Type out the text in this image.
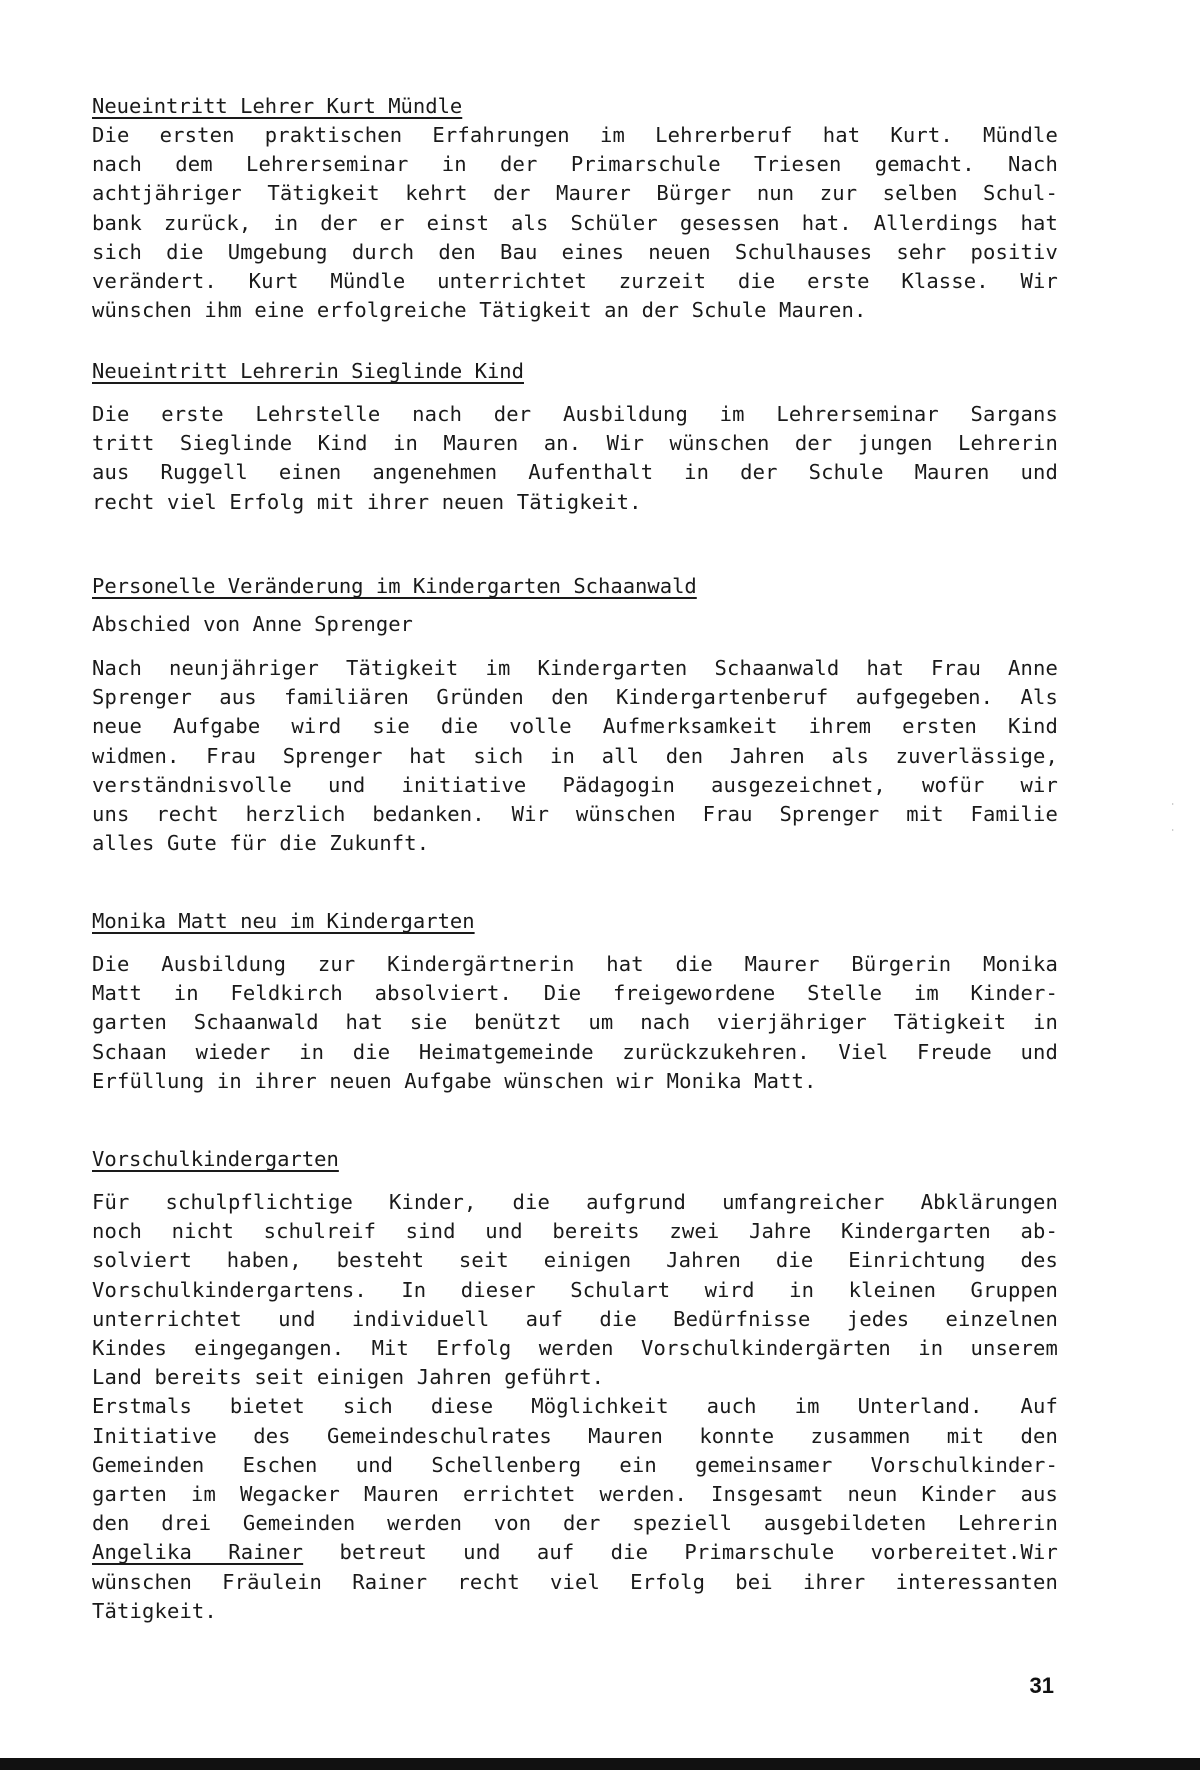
Neueintritt Lehrer Kurt Mündle
Die ersten praktischen Erfahrungen im Lehrerberuf hat Kurt. Mündle
nach dem Lehrerseminar in der Primarschule Triesen gemacht. Nach
achtjähriger Tätigkeit kehrt der Maurer Bürger nun zur selben Schul-
bank zurück, in der er einst als Schüler gesessen hat. Allerdings hat
sich die Umgebung durch den Bau eines neuen Schulhauses sehr positiv
verändert. Kurt Mündle unterrichtet zurzeit die erste Klasse. Wir
wünschen ihm eine erfolgreiche Tätigkeit an der Schule Mauren.
Neueintritt Lehrerin Sieglinde Kind
Die erste Lehrstelle nach der Ausbildung im Lehrerseminar Sargans
tritt Sieglinde Kind in Mauren an. Wir wünschen der jungen Lehrerin
aus Ruggell einen angenehmen Aufenthalt in der Schule Mauren und
recht viel Erfolg mit ihrer neuen Tätigkeit.
Personelle Veränderung im Kindergarten Schaanwald
Abschied von Anne Sprenger
Nach neunjähriger Tätigkeit im Kindergarten Schaanwald hat Frau Anne
Sprenger aus familiären Gründen den Kindergartenberuf aufgegeben. Als
neue Aufgabe wird sie die volle Aufmerksamkeit ihrem ersten Kind
widmen. Frau Sprenger hat sich in all den Jahren als zuverlässige,
verständnisvolle und initiative Pädagogin ausgezeichnet, wofür wir
uns recht herzlich bedanken. Wir wünschen Frau Sprenger mit Familie
alles Gute für die Zukunft.
Monika Matt neu im Kindergarten
Die Ausbildung zur Kindergärtnerin hat die Maurer Bürgerin Monika
Matt in Feldkirch absolviert. Die freigewordene Stelle im Kinder-
garten Schaanwald hat sie benützt um nach vierjähriger Tätigkeit in
Schaan wieder in die Heimatgemeinde zurückzukehren. Viel Freude und
Erfüllung in ihrer neuen Aufgabe wünschen wir Monika Matt.
Vorschulkindergarten
Für schulpflichtige Kinder, die aufgrund umfangreicher Abklärungen
noch nicht schulreif sind und bereits zwei Jahre Kindergarten ab-
solviert haben, besteht seit einigen Jahren die Einrichtung des
Vorschulkindergartens. In dieser Schulart wird in kleinen Gruppen
unterrichtet und individuell auf die Bedürfnisse jedes einzelnen
Kindes eingegangen. Mit Erfolg werden Vorschulkindergärten in unserem
Land bereits seit einigen Jahren geführt.
Erstmals bietet sich diese Möglichkeit auch im Unterland. Auf
Initiative des Gemeindeschulrates Mauren konnte zusammen mit den
Gemeinden Eschen und Schellenberg ein gemeinsamer Vorschulkinder-
garten im Wegacker Mauren errichtet werden. Insgesamt neun Kinder aus
den drei Gemeinden werden von der speziell ausgebildeten Lehrerin
Angelika Rainer betreut und auf die Primarschule vorbereitet.Wir
wünschen Fräulein Rainer recht viel Erfolg bei ihrer interessanten
Tätigkeit.
·
·
31
